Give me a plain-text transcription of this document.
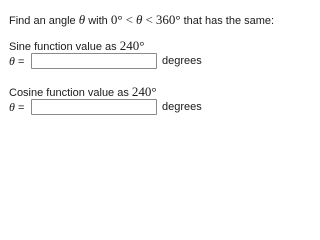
Find an angle θ with 0° < θ < 360° that has the same:
Sine function value as 240°
θ =	degrees
Cosine function value as 240°
θ =	degrees
